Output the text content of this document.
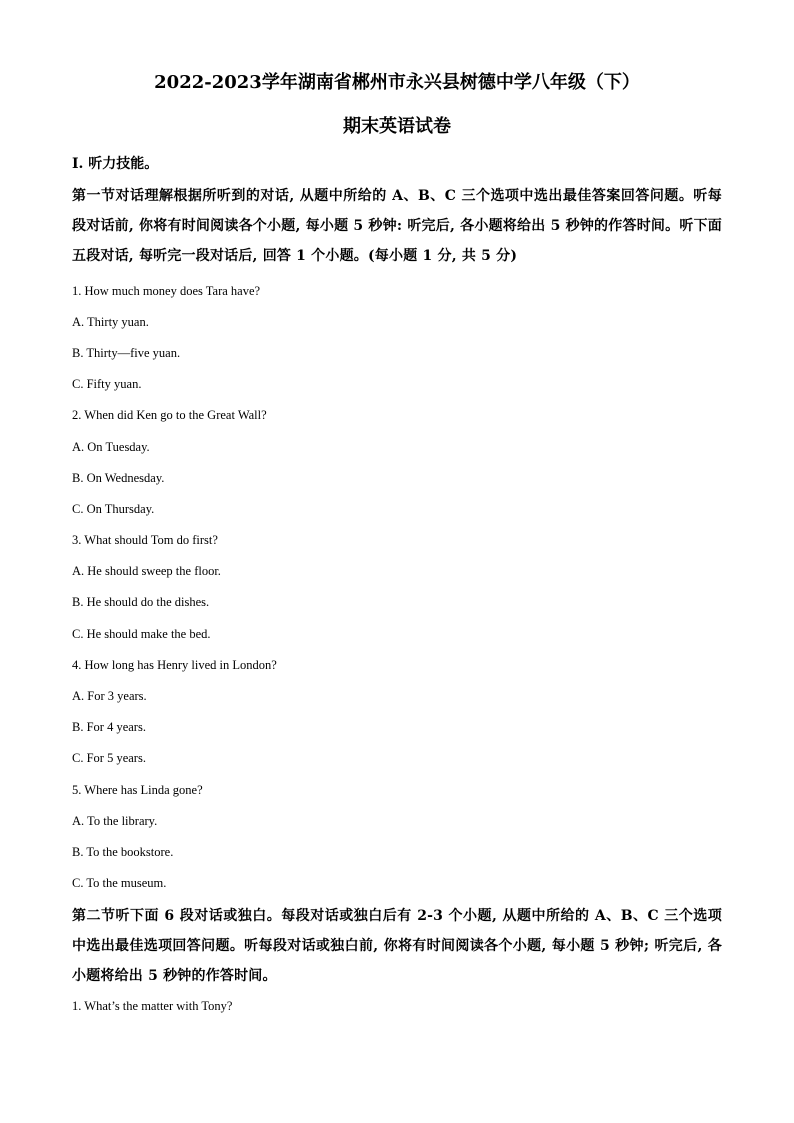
2022-2023学年湖南省郴州市永兴县树德中学八年级（下）
期末英语试卷

I. 听力技能。

第一节对话理解根据所听到的对话, 从题中所给的 A、B、C 三个选项中选出最佳答案回答问题。听每段对话前, 你将有时间阅读各个小题, 每小题 5 秒钟: 听完后, 各小题将给出 5 秒钟的作答时间。听下面五段对话, 每听完一段对话后, 回答 1 个小题。(每小题 1 分, 共 5 分)

1. How much money does Tara have?

A. Thirty yuan.

B. Thirty—five yuan.

C. Fifty yuan.

2. When did Ken go to the Great Wall?

A. On Tuesday.

B. On Wednesday.

C. On Thursday.

3. What should Tom do first?

A. He should sweep the floor.

B. He should do the dishes.

C. He should make the bed.

4. How long has Henry lived in London?

A. For 3 years.

B. For 4 years.

C. For 5 years.

5. Where has Linda gone?

A. To the library.

B. To the bookstore.

C. To the museum.

第二节听下面 6 段对话或独白。每段对话或独白后有 2-3 个小题, 从题中所给的 A、B、C 三个选项中选出最佳选项回答问题。听每段对话或独白前, 你将有时间阅读各个小题, 每小题 5 秒钟; 听完后, 各小题将给出 5 秒钟的作答时间。

1. What’s the matter with Tony?
